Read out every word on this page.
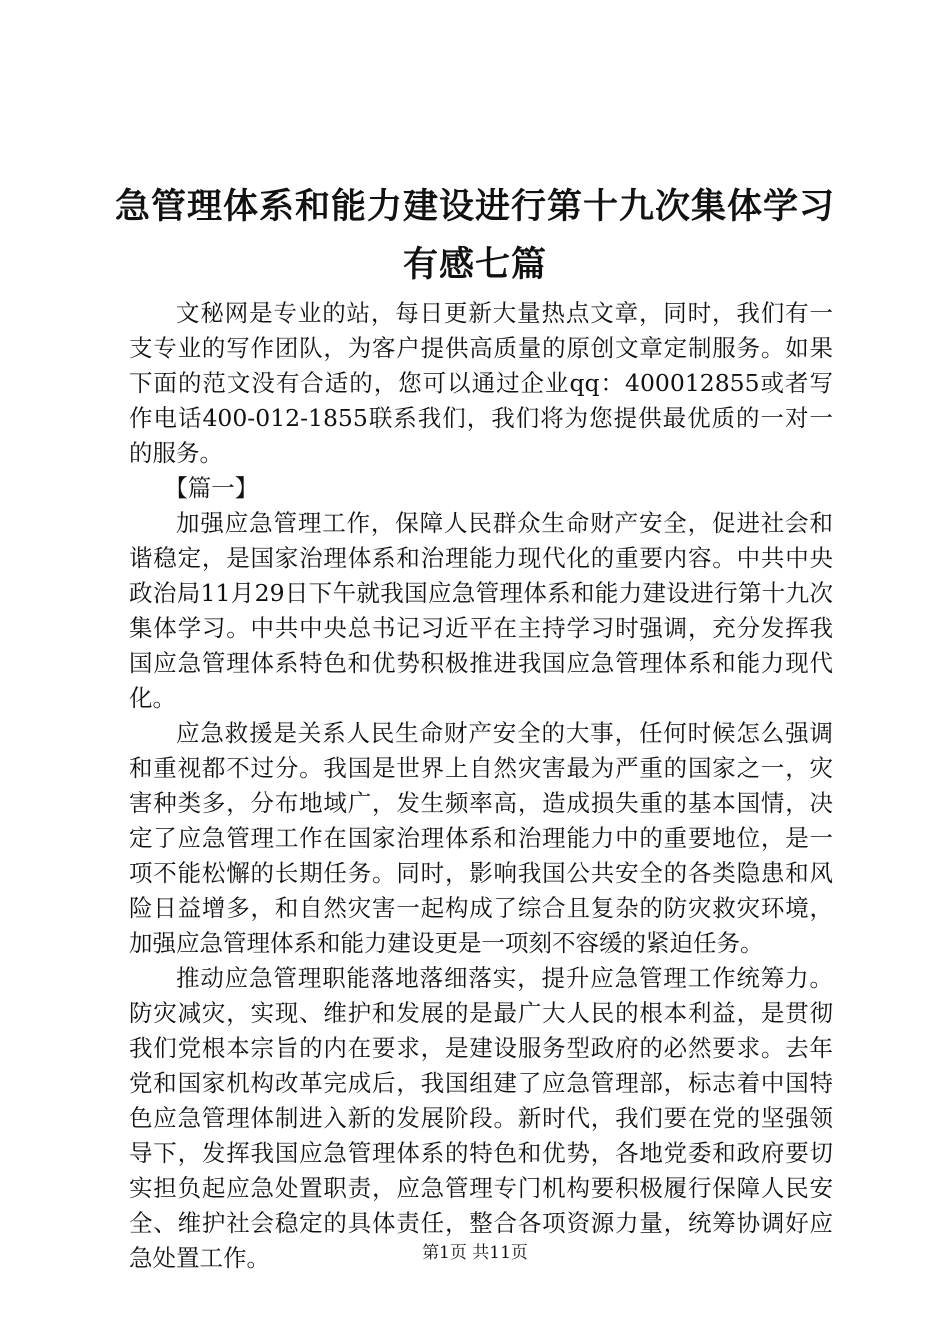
急管理体系和能力建设进行第十九次集体学习
有感七篇

文秘网是专业的站，每日更新大量热点文章，同时，我们有一支专业的写作团队，为客户提供高质量的原创文章定制服务。如果下面的范文没有合适的，您可以通过企业qq：400012855或者写作电话400-012-1855联系我们，我们将为您提供最优质的一对一的服务。

【篇一】

加强应急管理工作，保障人民群众生命财产安全，促进社会和谐稳定，是国家治理体系和治理能力现代化的重要内容。中共中央政治局11月29日下午就我国应急管理体系和能力建设进行第十九次集体学习。中共中央总书记习近平在主持学习时强调，充分发挥我国应急管理体系特色和优势积极推进我国应急管理体系和能力现代化。

应急救援是关系人民生命财产安全的大事，任何时候怎么强调和重视都不过分。我国是世界上自然灾害最为严重的国家之一，灾害种类多，分布地域广，发生频率高，造成损失重的基本国情，决定了应急管理工作在国家治理体系和治理能力中的重要地位，是一项不能松懈的长期任务。同时，影响我国公共安全的各类隐患和风险日益增多，和自然灾害一起构成了综合且复杂的防灾救灾环境，加强应急管理体系和能力建设更是一项刻不容缓的紧迫任务。

推动应急管理职能落地落细落实，提升应急管理工作统筹力。防灾减灾，实现、维护和发展的是最广大人民的根本利益，是贯彻我们党根本宗旨的内在要求，是建设服务型政府的必然要求。去年党和国家机构改革完成后，我国组建了应急管理部，标志着中国特色应急管理体制进入新的发展阶段。新时代，我们要在党的坚强领导下，发挥我国应急管理体系的特色和优势，各地党委和政府要切实担负起应急处置职责，应急管理专门机构要积极履行保障人民安全、维护社会稳定的具体责任，整合各项资源力量，统筹协调好应急处置工作。	第1页 共11页
